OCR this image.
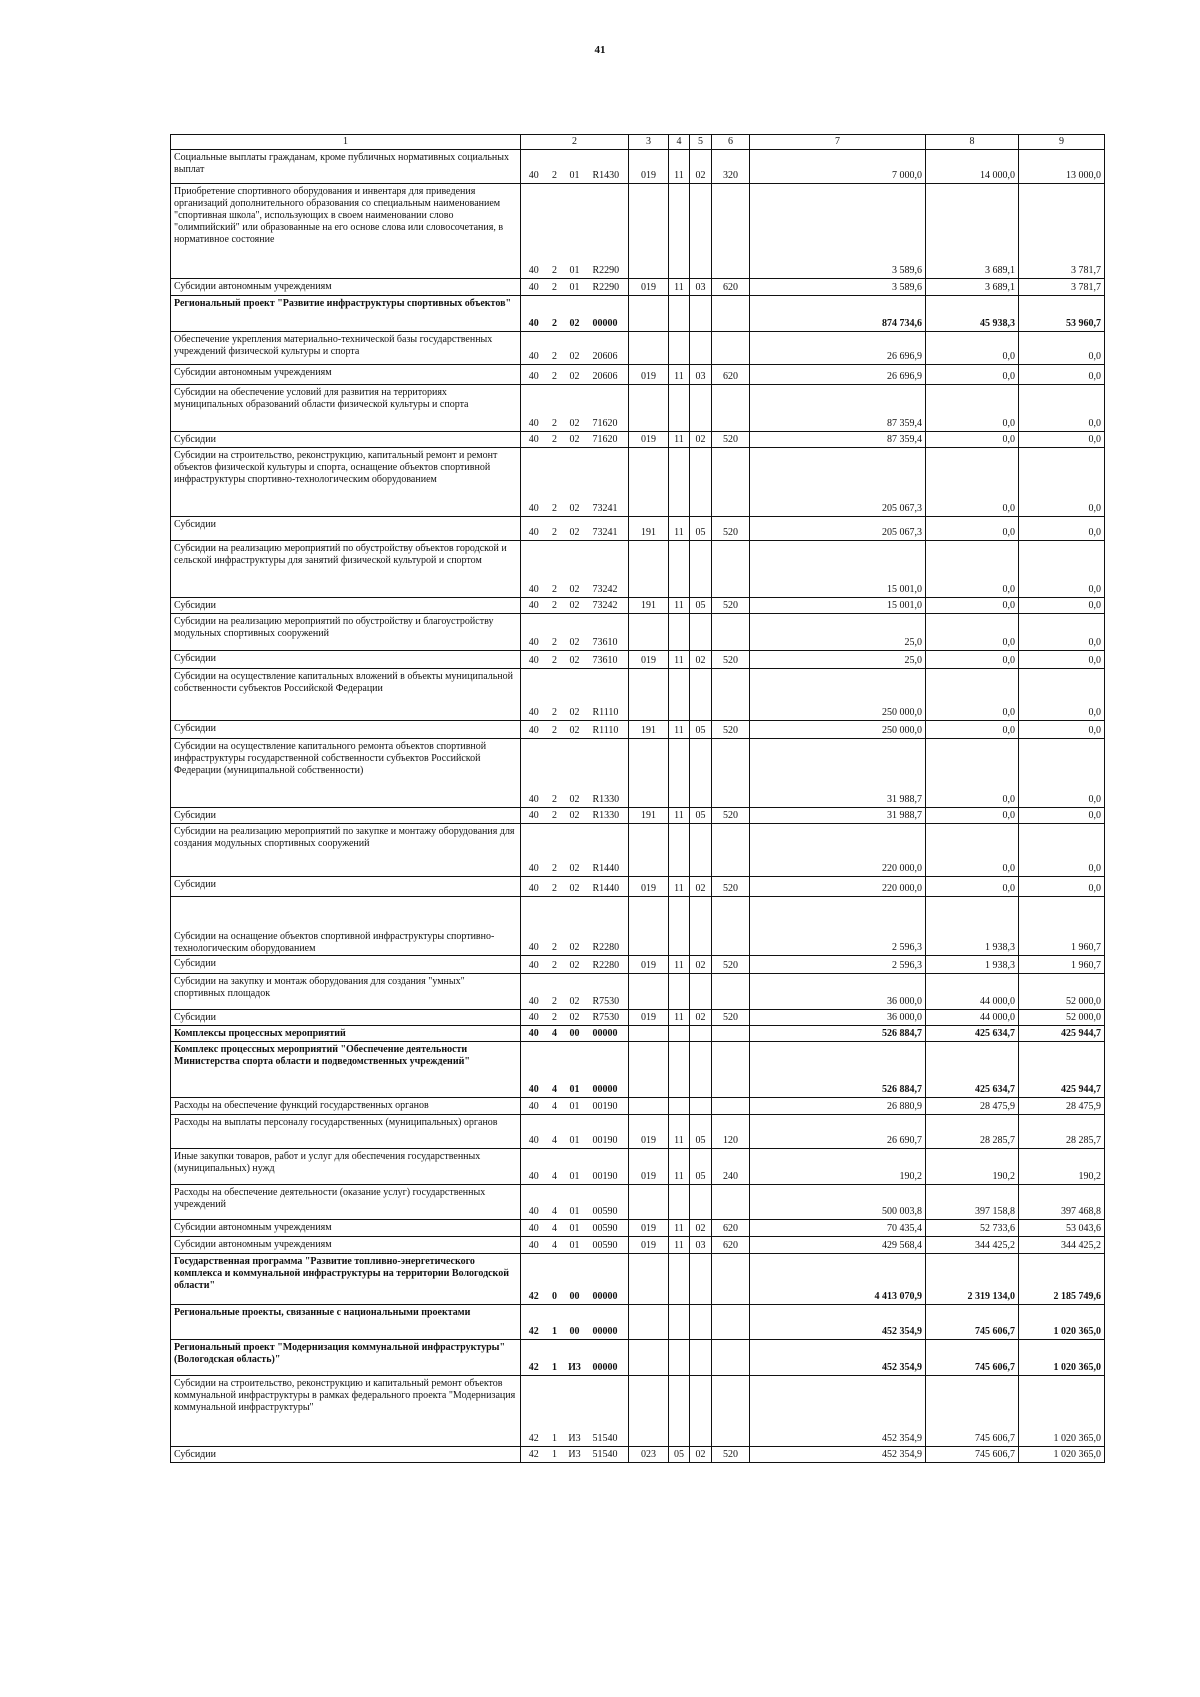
41
1	2				3	4	5	6	7	8	9
Социальные выплаты гражданам, кроме публичных нормативных социальных выплат	40	2	01	R1430	019	11	02	320	7 000,0	14 000,0	13 000,0
Приобретение спортивного оборудования и инвентаря для приведения организаций дополнительного образования со специальным наименованием "спортивная школа", использующих в своем наименовании слово "олимпийский" или образованные на его основе слова или словосочетания, в нормативное состояние	40	2	01	R2290					3 589,6	3 689,1	3 781,7
Субсидии автономным учреждениям	40	2	01	R2290	019	11	03	620	3 589,6	3 689,1	3 781,7
Региональный проект "Развитие инфраструктуры спортивных объектов"	40	2	02	00000					874 734,6	45 938,3	53 960,7
Обеспечение укрепления материально-технической базы государственных учреждений физической культуры и спорта	40	2	02	20606					26 696,9	0,0	0,0
Субсидии автономным учреждениям	40	2	02	20606	019	11	03	620	26 696,9	0,0	0,0
Субсидии на обеспечение условий для развития на территориях муниципальных образований области физической культуры и спорта	40	2	02	71620					87 359,4	0,0	0,0
Субсидии	40	2	02	71620	019	11	02	520	87 359,4	0,0	0,0
Субсидии на строительство, реконструкцию, капитальный ремонт и ремонт объектов физической культуры и спорта, оснащение объектов спортивной инфраструктуры спортивно-технологическим оборудованием	40	2	02	73241					205 067,3	0,0	0,0
Субсидии	40	2	02	73241	191	11	05	520	205 067,3	0,0	0,0
Субсидии на реализацию мероприятий по обустройству объектов городской и сельской инфраструктуры для занятий физической культурой и спортом	40	2	02	73242					15 001,0	0,0	0,0
Субсидии	40	2	02	73242	191	11	05	520	15 001,0	0,0	0,0
Субсидии на реализацию мероприятий по обустройству и благоустройству модульных спортивных сооружений	40	2	02	73610					25,0	0,0	0,0
Субсидии	40	2	02	73610	019	11	02	520	25,0	0,0	0,0
Субсидии на осуществление капитальных вложений в объекты муниципальной собственности субъектов Российской Федерации	40	2	02	R1110					250 000,0	0,0	0,0
Субсидии	40	2	02	R1110	191	11	05	520	250 000,0	0,0	0,0
Субсидии на осуществление капитального ремонта объектов спортивной инфраструктуры государственной собственности субъектов Российской Федерации (муниципальной собственности)	40	2	02	R1330					31 988,7	0,0	0,0
Субсидии	40	2	02	R1330	191	11	05	520	31 988,7	0,0	0,0
Субсидии на реализацию мероприятий по закупке и монтажу оборудования для создания модульных спортивных сооружений	40	2	02	R1440					220 000,0	0,0	0,0
Субсидии	40	2	02	R1440	019	11	02	520	220 000,0	0,0	0,0
Субсидии на оснащение объектов спортивной инфраструктуры спортивно-технологическим оборудованием	40	2	02	R2280					2 596,3	1 938,3	1 960,7
Субсидии	40	2	02	R2280	019	11	02	520	2 596,3	1 938,3	1 960,7
Субсидии на закупку и монтаж оборудования для создания "умных" спортивных площадок	40	2	02	R7530					36 000,0	44 000,0	52 000,0
Субсидии	40	2	02	R7530	019	11	02	520	36 000,0	44 000,0	52 000,0
Комплексы процессных мероприятий	40	4	00	00000					526 884,7	425 634,7	425 944,7
Комплекс процессных мероприятий "Обеспечение деятельности Министерства спорта области и подведомственных учреждений"	40	4	01	00000					526 884,7	425 634,7	425 944,7
Расходы на обеспечение функций государственных органов	40	4	01	00190					26 880,9	28 475,9	28 475,9
Расходы на выплаты персоналу государственных (муниципальных) органов	40	4	01	00190	019	11	05	120	26 690,7	28 285,7	28 285,7
Иные закупки товаров, работ и услуг для обеспечения государственных (муниципальных) нужд	40	4	01	00190	019	11	05	240	190,2	190,2	190,2
Расходы на обеспечение деятельности (оказание услуг) государственных учреждений	40	4	01	00590					500 003,8	397 158,8	397 468,8
Субсидии автономным учреждениям	40	4	01	00590	019	11	02	620	70 435,4	52 733,6	53 043,6
Субсидии автономным учреждениям	40	4	01	00590	019	11	03	620	429 568,4	344 425,2	344 425,2
Государственная программа "Развитие топливно-энергетического комплекса и коммунальной инфраструктуры на территории Вологодской области"	42	0	00	00000					4 413 070,9	2 319 134,0	2 185 749,6
Региональные проекты, связанные с национальными проектами	42	1	00	00000					452 354,9	745 606,7	1 020 365,0
Региональный проект "Модернизация коммунальной инфраструктуры" (Вологодская область)"	42	1	И3	00000					452 354,9	745 606,7	1 020 365,0
Субсидии на строительство, реконструкцию и капитальный ремонт объектов коммунальной инфраструктуры в рамках федерального проекта "Модернизация коммунальной инфраструктуры"	42	1	И3	51540					452 354,9	745 606,7	1 020 365,0
Субсидии	42	1	И3	51540	023	05	02	520	452 354,9	745 606,7	1 020 365,0
